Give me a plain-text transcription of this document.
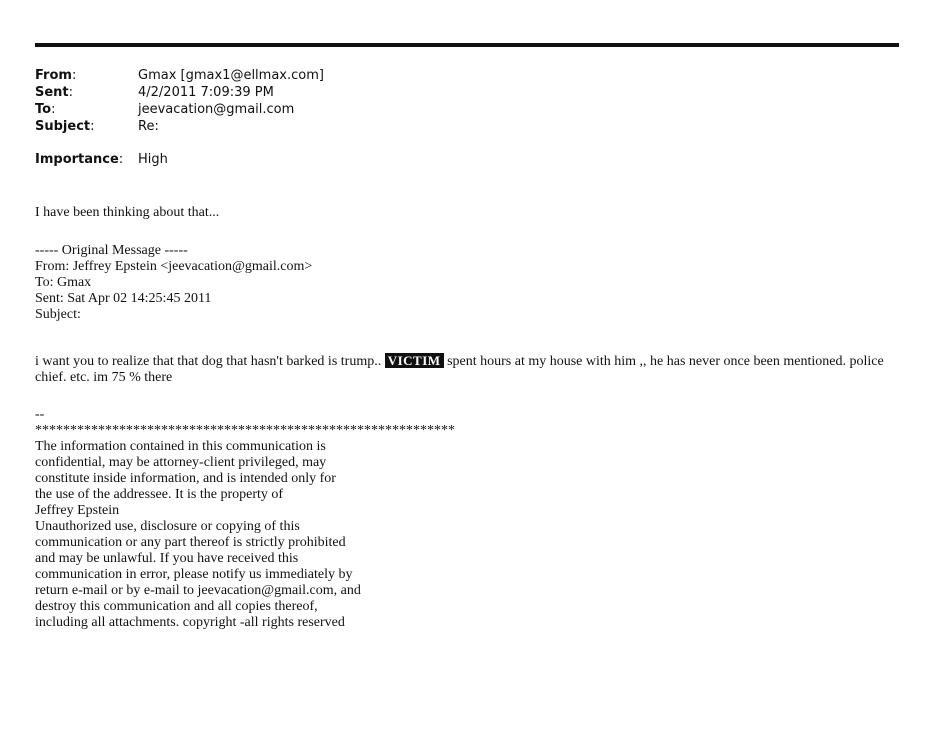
From:	Gmax [gmax1@ellmax.com]
Sent:	4/2/2011 7:09:39 PM
To:	jeevacation@gmail.com
Subject:	Re:
Importance:	High
I have been thinking about that...
----- Original Message -----
From: Jeffrey Epstein <jeevacation@gmail.com>
To: Gmax
Sent: Sat Apr 02 14:25:45 2011
Subject:
i want you to realize that that dog that hasn't barked is trump.. VICTIM spent hours at my house with him ,, he has never once been mentioned. police chief. etc. im 75 % there
--
************************************************************
The information contained in this communication is
confidential, may be attorney-client privileged, may
constitute inside information, and is intended only for
the use of the addressee. It is the property of
Jeffrey Epstein
Unauthorized use, disclosure or copying of this
communication or any part thereof is strictly prohibited
and may be unlawful. If you have received this
communication in error, please notify us immediately by
return e-mail or by e-mail to jeevacation@gmail.com, and
destroy this communication and all copies thereof,
including all attachments. copyright -all rights reserved
